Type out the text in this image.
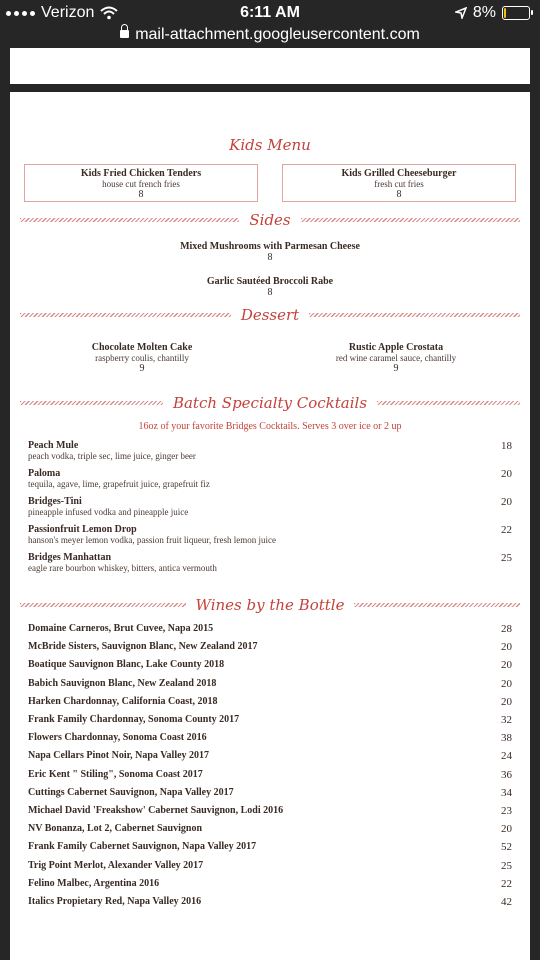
Verizon	6:11 AM	8%
mail-attachment.googleusercontent.com
Kids Menu
Kids Fried Chicken Tenders
house cut french fries
8
Kids Grilled Cheeseburger
fresh cut fries
8
Sides
Mixed Mushrooms with Parmesan Cheese
8
Garlic Sautéed Broccoli Rabe
8
Dessert
Chocolate Molten Cake
raspberry coulis, chantilly
9
Rustic Apple Crostata
red wine caramel sauce, chantilly
9
Batch Specialty Cocktails
16oz of your favorite Bridges Cocktails. Serves 3 over ice or 2 up
Peach Mule
peach vodka, triple sec, lime juice, ginger beer
18
Paloma
tequila, agave, lime, grapefruit juice, grapefruit fiz
20
Bridges-Tini
pineapple infused vodka and pineapple juice
20
Passionfruit Lemon Drop
hanson's meyer lemon vodka, passion fruit liqueur, fresh lemon juice
22
Bridges Manhattan
eagle rare bourbon whiskey, bitters, antica vermouth
25
Wines by the Bottle
Domaine Carneros, Brut Cuvee, Napa 2015	28
McBride Sisters, Sauvignon Blanc, New Zealand 2017	20
Boatique Sauvignon Blanc, Lake County 2018	20
Babich Sauvignon Blanc, New Zealand 2018	20
Harken Chardonnay, California Coast, 2018	20
Frank Family Chardonnay, Sonoma County 2017	32
Flowers Chardonnay, Sonoma Coast 2016	38
Napa Cellars Pinot Noir, Napa Valley 2017	24
Eric Kent " Stiling", Sonoma Coast 2017	36
Cuttings Cabernet Sauvignon, Napa Valley 2017	34
Michael David 'Freakshow' Cabernet Sauvignon, Lodi 2016	23
NV Bonanza, Lot 2, Cabernet Sauvignon	20
Frank Family Cabernet Sauvignon, Napa Valley 2017	52
Trig Point Merlot, Alexander Valley 2017	25
Felino Malbec, Argentina 2016	22
Italics Propietary Red, Napa Valley 2016	42
